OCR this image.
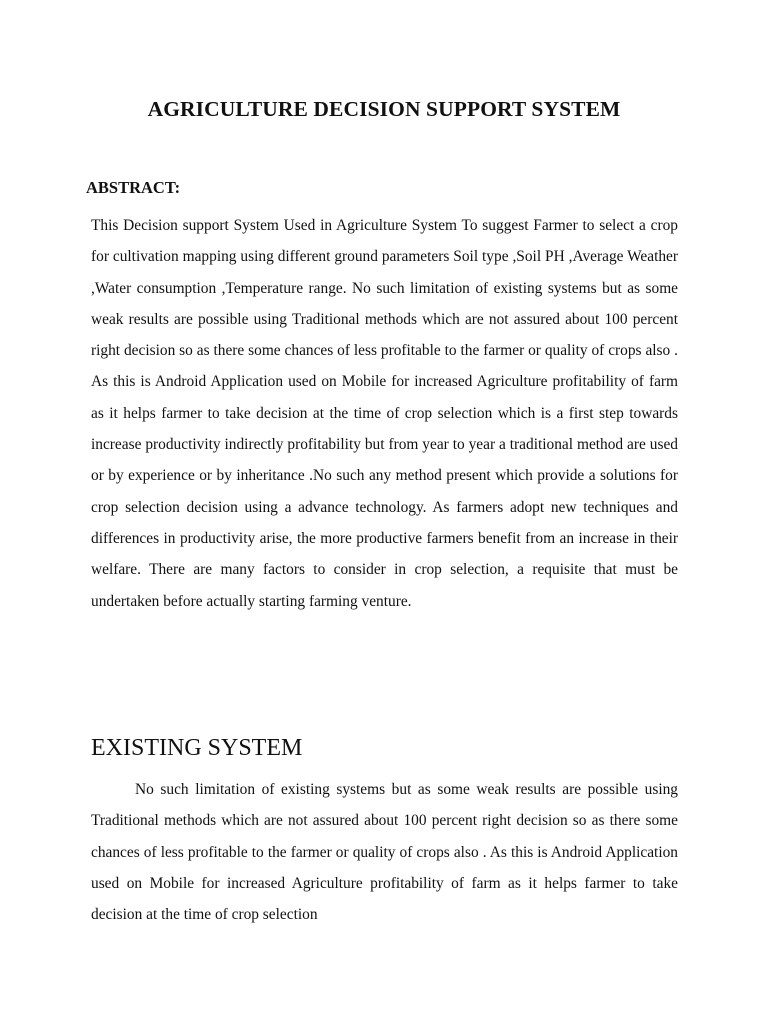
AGRICULTURE DECISION SUPPORT SYSTEM
ABSTRACT:

This Decision support System Used in Agriculture System To suggest Farmer to select a crop for cultivation mapping using different ground parameters Soil type ,Soil PH ,Average Weather ,Water consumption ,Temperature range. No such limitation of existing systems but as some weak results are possible using Traditional methods which are not assured about 100 percent right decision so as there some chances of less profitable to the farmer or quality of crops also . As this is Android Application used on Mobile for increased Agriculture profitability of farm as it helps farmer to take decision at the time of crop selection which is a first step towards increase productivity indirectly profitability but from year to year a traditional method are used or by experience or by inheritance .No such any method present which provide a solutions for crop selection decision using a advance technology. As farmers adopt new techniques and differences in productivity arise, the more productive farmers benefit from an increase in their welfare. There are many factors to consider in crop selection, a requisite that must be undertaken before actually starting farming venture.

EXISTING SYSTEM

No such limitation of existing systems but as some weak results are possible using Traditional methods which are not assured about 100 percent right decision so as there some chances of less profitable to the farmer or quality of crops also . As this is Android Application used on Mobile for increased Agriculture profitability of farm as it helps farmer to take decision at the time of crop selection
